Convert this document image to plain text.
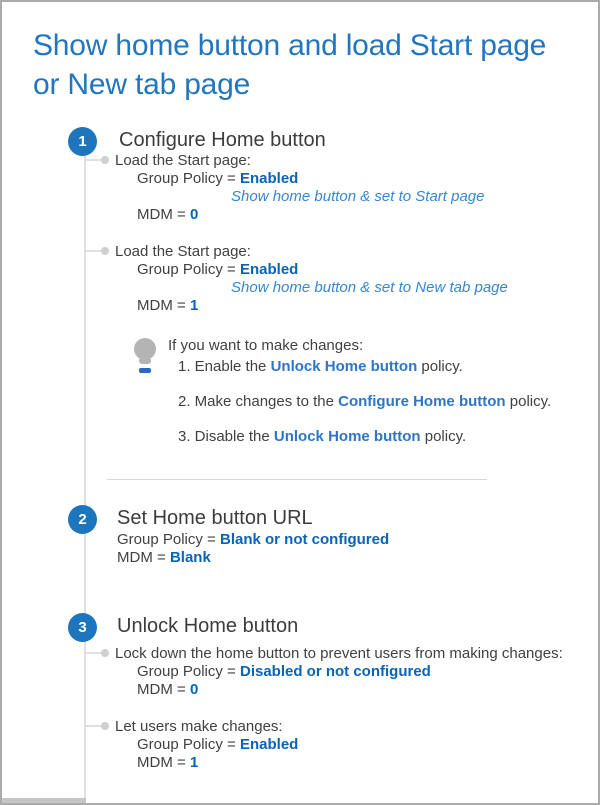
Show home button and load Start page
or New tab page
1	Configure Home button
Load the Start page:
Group Policy = Enabled
Show home button & set to Start page
MDM = 0
Load the Start page:
Group Policy = Enabled
Show home button & set to New tab page
MDM = 1
If you want to make changes:
1. Enable the Unlock Home button policy.
2. Make changes to the Configure Home button policy.
3. Disable the Unlock Home button policy.
2	Set Home button URL
Group Policy = Blank or not configured
MDM = Blank
3	Unlock Home button
Lock down the home button to prevent users from making changes:
Group Policy = Disabled or not configured
MDM = 0
Let users make changes:
Group Policy = Enabled
MDM = 1
